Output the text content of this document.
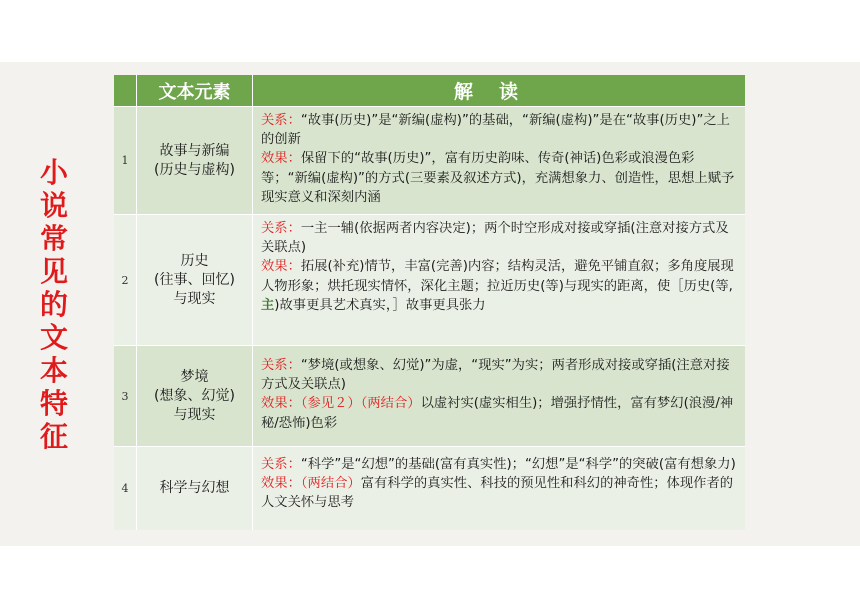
小
说
常
见
的
文
本
特
征
文本元素	解读
1
故事与新编
(历史与虚构)

关系：“故事(历史)”是“新编(虚构)”的基础，“新编(虚构)”是在“故事(历史)”之上的创新

效果：保留下的“故事(历史)”，富有历史韵味、传奇(神话)色彩或浪漫色彩等；“新编(虚构)”的方式(三要素及叙述方式)，充满想象力、创造性，思想上赋予现实意义和深刻内涵

2
历史
(往事、回忆)
与现实

关系：一主一辅(依据两者内容决定)；两个时空形成对接或穿插(注意对接方式及关联点)

效果：拓展(补充)情节，丰富(完善)内容；结构灵活，避免平铺直叙；多角度展现人物形象；烘托现实情怀，深化主题；拉近历史(等)与现实的距离，使［历史(等,主)故事更具艺术真实，］故事更具张力

3
梦境
(想象、幻觉)
与现实

关系：“梦境(或想象、幻觉)”为虚，“现实”为实；两者形成对接或穿插(注意对接方式及关联点)

效果：（参见２）（两结合）以虚衬实(虚实相生)；增强抒情性，富有梦幻(浪漫/神秘/恐怖)色彩

4	科学与幻想

关系：“科学”是“幻想”的基础(富有真实性)；“幻想”是“科学”的突破(富有想象力)

效果：（两结合）富有科学的真实性、科技的预见性和科幻的神奇性；体现作者的人文关怀与思考
